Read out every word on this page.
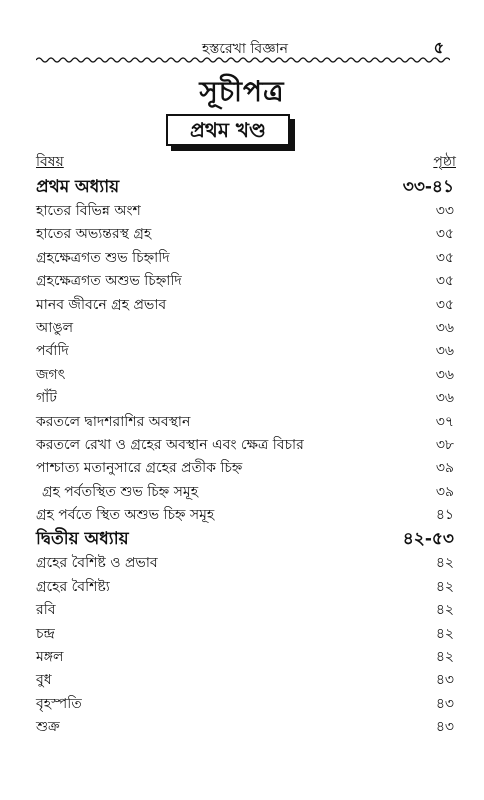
হস্তরেখা বিজ্ঞান	৫
সূচীপত্র
প্রথম খণ্ড
বিষয়	পৃষ্ঠা
প্রথম অধ্যায়	৩৩-৪১
হাতের বিভিন্ন অংশ	৩৩
হাতের অভ্যন্তরস্থ গ্রহ	৩৫
গ্রহক্ষেত্রগত শুভ চিহ্নাদি	৩৫
গ্রহক্ষেত্রগত অশুভ চিহ্নাদি	৩৫
মানব জীবনে গ্রহ প্রভাব	৩৫
আঙুল	৩৬
পর্বাদি	৩৬
জগৎ	৩৬
গাঁট	৩৬
করতলে দ্বাদশরাশির অবস্থান	৩৭
করতলে রেখা ও গ্রহের অবস্থান এবং ক্ষেত্র বিচার	৩৮
পাশ্চাত্য মতানুসারে গ্রহের প্রতীক চিহ্ন	৩৯
গ্রহ পর্বতস্থিত শুভ চিহ্ন সমূহ	৩৯
গ্রহ পর্বতে স্থিত অশুভ চিহ্ন সমূহ	৪১
দ্বিতীয় অধ্যায়	৪২-৫৩
গ্রহের বৈশিষ্ট ও প্রভাব	৪২
গ্রহের বৈশিষ্ট্য	৪২
রবি	৪২
চন্দ্র	৪২
মঙ্গল	৪২
বুধ	৪৩
বৃহস্পতি	৪৩
শুক্র	৪৩
